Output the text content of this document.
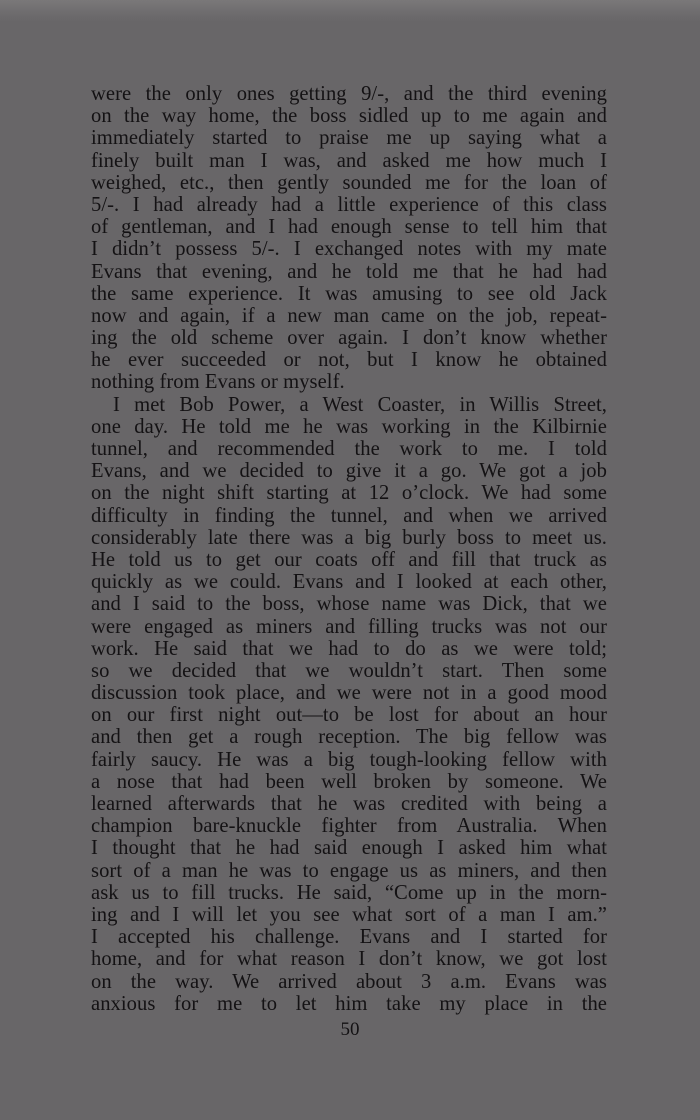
were the only ones getting 9/-, and the third evening
on the way home, the boss sidled up to me again and
immediately started to praise me up saying what a
finely built man I was, and asked me how much I
weighed, etc., then gently sounded me for the loan of
5/-. I had already had a little experience of this class
of gentleman, and I had enough sense to tell him that
I didn’t possess 5/-. I exchanged notes with my mate
Evans that evening, and he told me that he had had
the same experience. It was amusing to see old Jack
now and again, if a new man came on the job, repeat-
ing the old scheme over again. I don’t know whether
he ever succeeded or not, but I know he obtained
nothing from Evans or myself.
I met Bob Power, a West Coaster, in Willis Street,
one day. He told me he was working in the Kilbirnie
tunnel, and recommended the work to me. I told
Evans, and we decided to give it a go. We got a job
on the night shift starting at 12 o’clock. We had some
difficulty in finding the tunnel, and when we arrived
considerably late there was a big burly boss to meet us.
He told us to get our coats off and fill that truck as
quickly as we could. Evans and I looked at each other,
and I said to the boss, whose name was Dick, that we
were engaged as miners and filling trucks was not our
work. He said that we had to do as we were told;
so we decided that we wouldn’t start. Then some
discussion took place, and we were not in a good mood
on our first night out—to be lost for about an hour
and then get a rough reception. The big fellow was
fairly saucy. He was a big tough-looking fellow with
a nose that had been well broken by someone. We
learned afterwards that he was credited with being a
champion bare-knuckle fighter from Australia. When
I thought that he had said enough I asked him what
sort of a man he was to engage us as miners, and then
ask us to fill trucks. He said, “Come up in the morn-
ing and I will let you see what sort of a man I am.”
I accepted his challenge. Evans and I started for
home, and for what reason I don’t know, we got lost
on the way. We arrived about 3 a.m. Evans was
anxious for me to let him take my place in the
50
